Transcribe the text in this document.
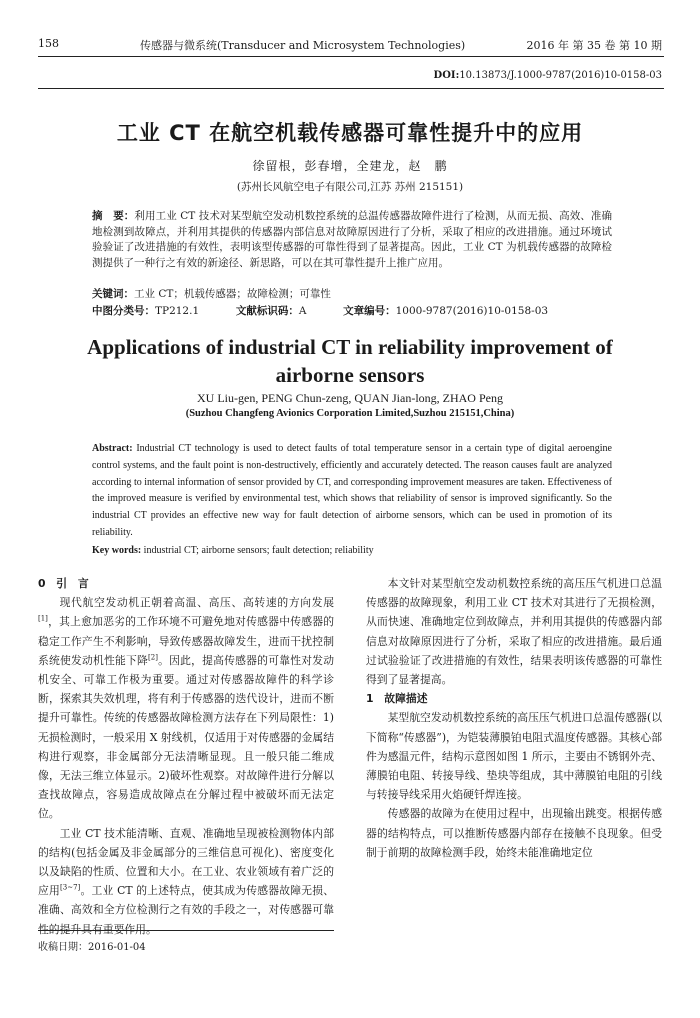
158	传感器与微系统(Transducer and Microsystem Technologies)	2016 年 第 35 卷 第 10 期
DOI:10.13873/J.1000-9787(2016)10-0158-03
工业 CT 在航空机载传感器可靠性提升中的应用
徐留根，彭春增，全建龙，赵　鹏
(苏州长风航空电子有限公司,江苏 苏州 215151)
摘　要：利用工业 CT 技术对某型航空发动机数控系统的总温传感器故障件进行了检测，从而无损、高效、准确地检测到故障点，并利用其提供的传感器内部信息对故障原因进行了分析，采取了相应的改进措施。通过环境试验验证了改进措施的有效性，表明该型传感器的可靠性得到了显著提高。因此，工业 CT 为机载传感器的故障检测提供了一种行之有效的新途径、新思路，可以在其可靠性提升上推广应用。
关键词：工业 CT；机载传感器；故障检测；可靠性
中图分类号：TP212.1	文献标识码：A	文章编号：1000-9787(2016)10-0158-03
Applications of industrial CT in reliability improvement of airborne sensors
XU Liu-gen, PENG Chun-zeng, QUAN Jian-long, ZHAO Peng
(Suzhou Changfeng Avionics Corporation Limited,Suzhou 215151,China)
Abstract: Industrial CT technology is used to detect faults of total temperature sensor in a certain type of digital aeroengine control systems, and the fault point is non-destructively, efficiently and accurately detected. The reason causes fault are analyzed according to internal information of sensor provided by CT, and corresponding improvement measures are taken. Effectiveness of the improved measure is verified by environmental test, which shows that reliability of sensor is improved significantly. So the industrial CT provides an effective new way for fault detection of airborne sensors, which can be used in promotion of its reliability.
Key words: industrial CT; airborne sensors; fault detection; reliability

0　引　言

现代航空发动机正朝着高温、高压、高转速的方向发展[1]，其上愈加恶劣的工作环境不可避免地对传感器中传感器的稳定工作产生不利影响，导致传感器故障发生，进而干扰控制系统使发动机性能下降[2]。因此，提高传感器的可靠性对发动机安全、可靠工作极为重要。通过对传感器故障件的科学诊断，探索其失效机理，将有利于传感器的迭代设计，进而不断提升可靠性。传统的传感器故障检测方法存在下列局限性：1)无损检测时，一般采用 X 射线机，仅适用于对传感器的金属结构进行观察，非金属部分无法清晰显现。且一般只能二维成像，无法三维立体显示。2)破坏性观察。对故障件进行分解以查找故障点，容易造成故障点在分解过程中被破坏而无法定位。

工业 CT 技术能清晰、直观、准确地呈现被检测物体内部的结构(包括金属及非金属部分的三维信息可视化)、密度变化以及缺陷的性质、位置和大小。在工业、农业领域有着广泛的应用[3~7]。工业 CT 的上述特点，使其成为传感器故障无损、准确、高效和全方位检测行之有效的手段之一，对传感器可靠性的提升具有重要作用。

本文针对某型航空发动机数控系统的高压压气机进口总温传感器的故障现象，利用工业 CT 技术对其进行了无损检测，从而快速、准确地定位到故障点，并利用其提供的传感器内部信息对故障原因进行了分析，采取了相应的改进措施。最后通过试验验证了改进措施的有效性，结果表明该传感器的可靠性得到了显著提高。

1　故障描述

某型航空发动机数控系统的高压压气机进口总温传感器(以下简称“传感器”)，为铠装薄膜铂电阻式温度传感器。其核心部件为感温元件，结构示意图如图 1 所示，主要由不锈钢外壳、薄膜铂电阻、转接导线、垫块等组成，其中薄膜铂电阻的引线与转接导线采用火焰硬钎焊连接。

传感器的故障为在使用过程中，出现输出跳变。根据传感器的结构特点，可以推断传感器内部存在接触不良现象。但受制于前期的故障检测手段，始终未能准确地定位

收稿日期：2016-01-04
